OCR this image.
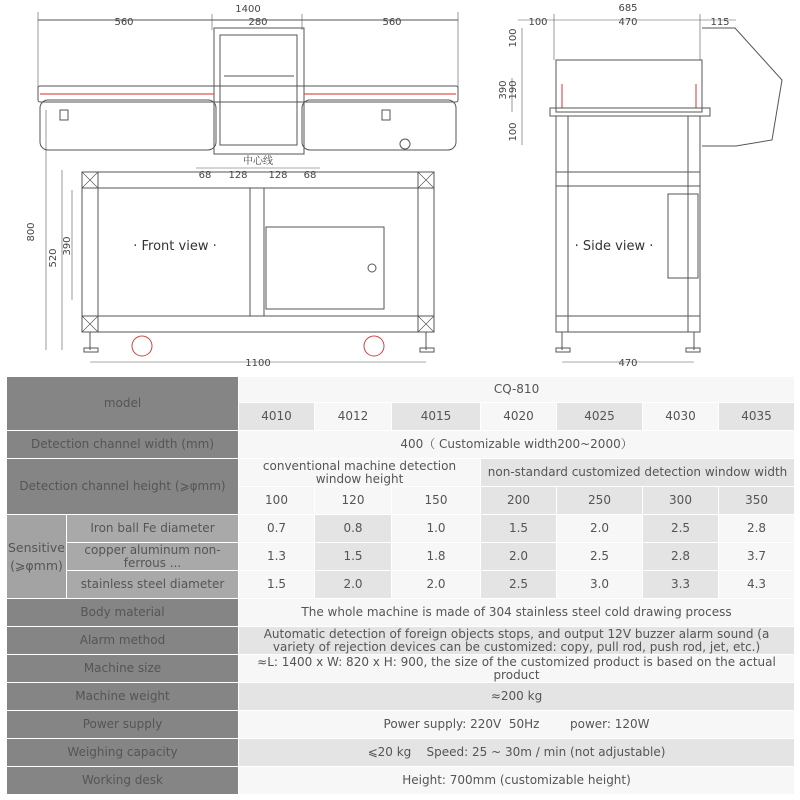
1400
560	280	560
68 128 128 68
中心线
800
520
390
1100
· Front view ·
685
100	470	115
100
190
390
100
470
· Side view ·
model		CQ-810						
		4010	4012	4015	4020	4025	4030	4035
Detection channel width (mm)		400（ Customizable width200~2000）						
Detection channel height (⩾φmm)		conventional machine detection window height			non-standard customized detection window width			
		100	120	150	200	250	300	350
Sensitive (⩾φmm)	Iron ball Fe diameter	0.7	0.8	1.0	1.5	2.0	2.5	2.8
	copper aluminum non-ferrous ...	1.3	1.5	1.8	2.0	2.5	2.8	3.7
	stainless steel diameter	1.5	2.0	2.0	2.5	3.0	3.3	4.3
Body material		The whole machine is made of 304 stainless steel cold drawing process						
Alarm method		Automatic detection of foreign objects stops, and output 12V buzzer alarm sound (a variety of rejection devices can be customized: copy, pull rod, push rod, jet, etc.)						
Machine size		≈L: 1400 x W: 820 x H: 900, the size of the customized product is based on the actual product						
Machine weight		≈200 kg						
Power supply		Power supply: 220V  50Hz        power: 120W						
Weighing capacity		⩽20 kg    Speed: 25 ~ 30m / min (not adjustable)						
Working desk		Height: 700mm (customizable height)						
